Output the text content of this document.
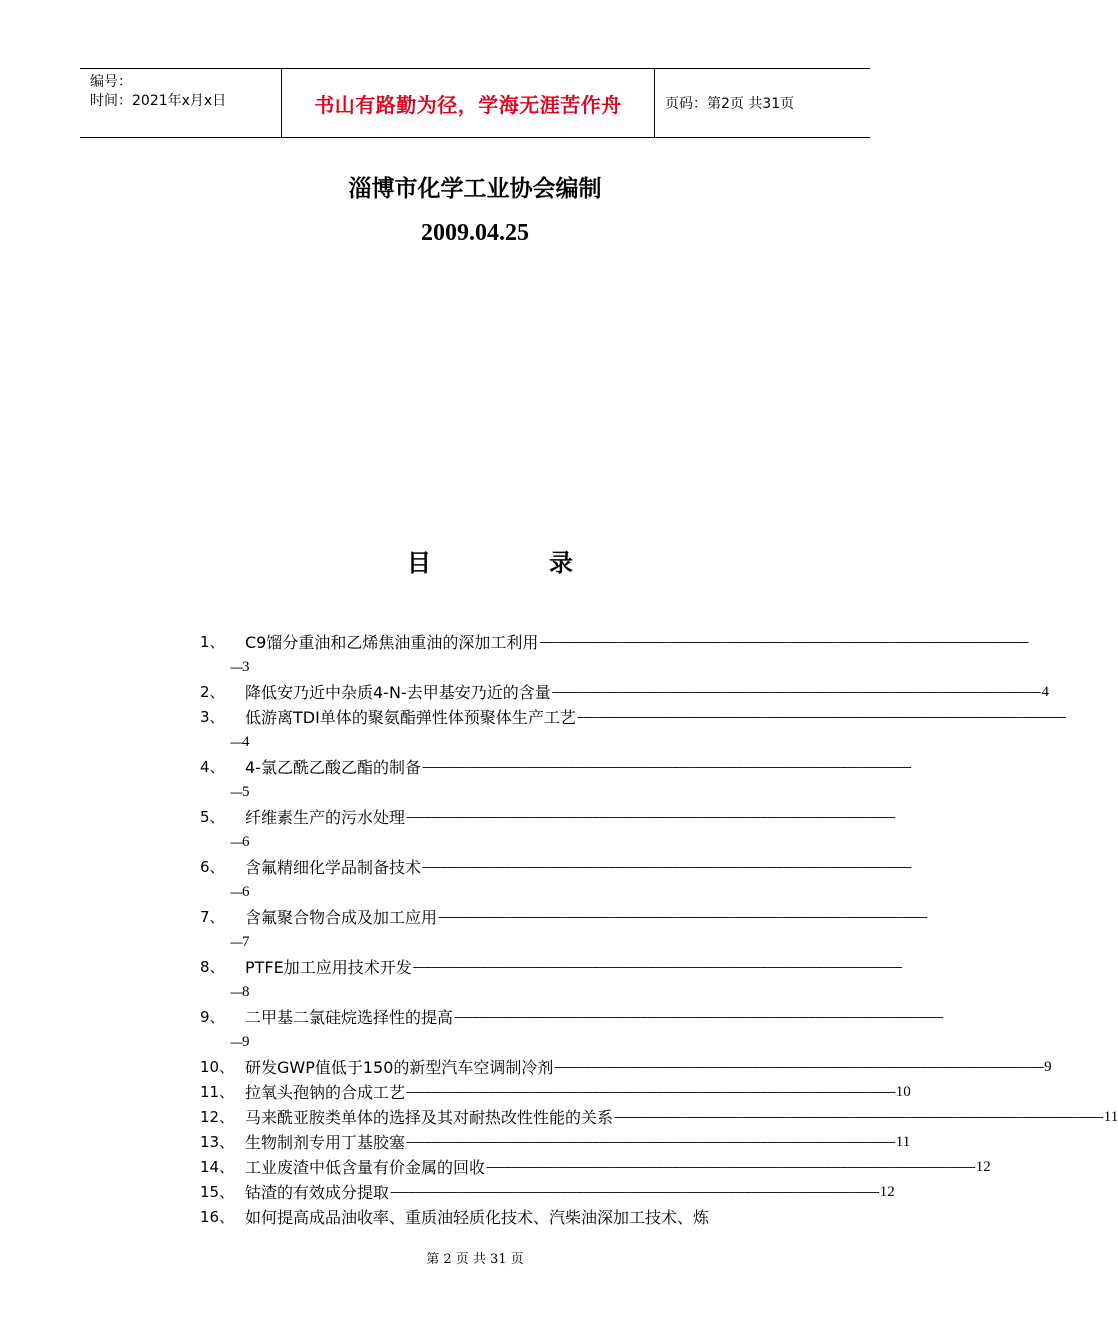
编号：
时间：2021年x月x日	书山有路勤为径，学海无涯苦作舟	页码：第2页 共31页
淄博市化学工业协会编制
2009.04.25
目	录
1、	C9馏分重油和乙烯焦油重油的深加工利用 ----------------------------------------------------------------------------------------------------------------------------------------------------------------
----3
2、	降低安乃近中杂质4-N-去甲基安乃近的含量 ---------------------------------------------------------------------------------------------------------------------------------------------------------------- 4
3、	低游离TDI单体的聚氨酯弹性体预聚体生产工艺 ----------------------------------------------------------------------------------------------------------------------------------------------------------------
----4
4、	4-氯乙酰乙酸乙酯的制备 ----------------------------------------------------------------------------------------------------------------------------------------------------------------
----5
5、	纤维素生产的污水处理 ----------------------------------------------------------------------------------------------------------------------------------------------------------------
----6
6、	含氟精细化学品制备技术 ----------------------------------------------------------------------------------------------------------------------------------------------------------------
----6
7、	含氟聚合物合成及加工应用 ----------------------------------------------------------------------------------------------------------------------------------------------------------------
----7
8、	PTFE加工应用技术开发 ----------------------------------------------------------------------------------------------------------------------------------------------------------------
----8
9、	二甲基二氯硅烷选择性的提高 ----------------------------------------------------------------------------------------------------------------------------------------------------------------
----9
10、 研发GWP值低于150的新型汽车空调制冷剂 ---------------------------------------------------------------------------------------------------------------------------------------------------------------- 9
11、 拉氧头孢钠的合成工艺 ---------------------------------------------------------------------------------------------------------------------------------------------------------------- 10
12、 马来酰亚胺类单体的选择及其对耐热改性性能的关系 ---------------------------------------------------------------------------------------------------------------------------------------------------------------- 11
13、 生物制剂专用丁基胶塞 ---------------------------------------------------------------------------------------------------------------------------------------------------------------- 11
14、 工业废渣中低含量有价金属的回收 ---------------------------------------------------------------------------------------------------------------------------------------------------------------- 12
15、 钴渣的有效成分提取 ---------------------------------------------------------------------------------------------------------------------------------------------------------------- 12
16、 如何提高成品油收率、重质油轻质化技术、汽柴油深加工技术、炼
第 2 页 共 31 页
